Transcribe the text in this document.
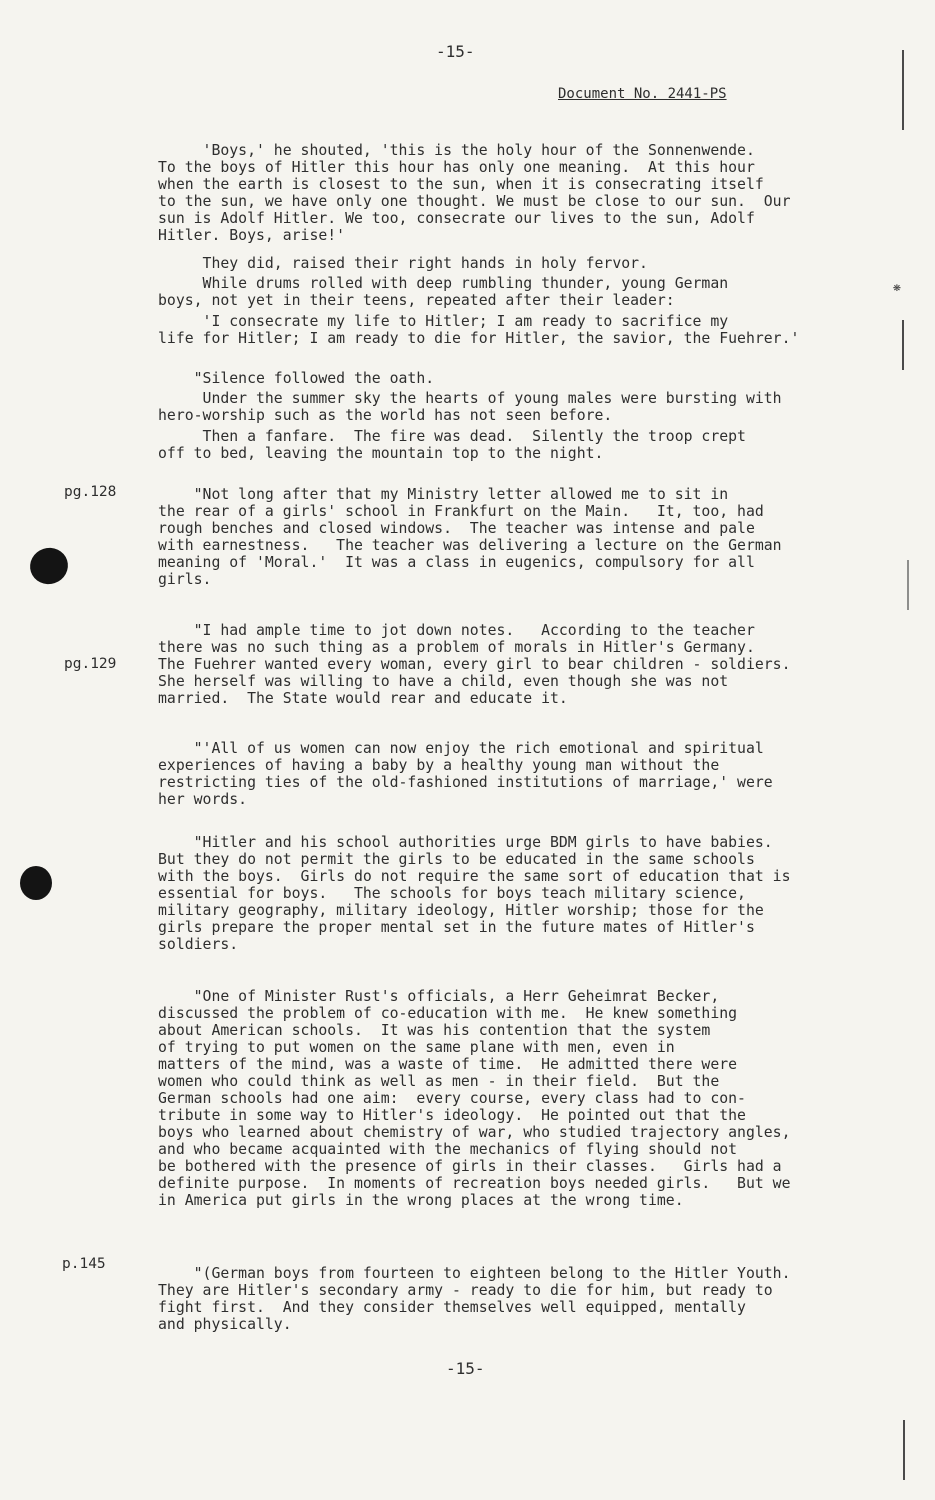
-15-
Document No. 2441-PS
'Boys,' he shouted, 'this is the holy hour of the Sonnenwende.
To the boys of Hitler this hour has only one meaning.  At this hour
when the earth is closest to the sun, when it is consecrating itself
to the sun, we have only one thought. We must be close to our sun.  Our
sun is Adolf Hitler. We too, consecrate our lives to the sun, Adolf
Hitler. Boys, arise!'
They did, raised their right hands in holy fervor.
While drums rolled with deep rumbling thunder, young German
boys, not yet in their teens, repeated after their leader:
'I consecrate my life to Hitler; I am ready to sacrifice my
life for Hitler; I am ready to die for Hitler, the savior, the Fuehrer.'
"Silence followed the oath.
Under the summer sky the hearts of young males were bursting with
hero-worship such as the world has not seen before.
Then a fanfare.  The fire was dead.  Silently the troop crept
off to bed, leaving the mountain top to the night.
pg.128	"Not long after that my Ministry letter allowed me to sit in
the rear of a girls' school in Frankfurt on the Main.   It, too, had
rough benches and closed windows.  The teacher was intense and pale
with earnestness.   The teacher was delivering a lecture on the German
meaning of 'Moral.'  It was a class in eugenics, compulsory for all
girls.
pg.129
"I had ample time to jot down notes.   According to the teacher
there was no such thing as a problem of morals in Hitler's Germany.
The Fuehrer wanted every woman, every girl to bear children - soldiers.
She herself was willing to have a child, even though she was not
married.  The State would rear and educate it.
"'All of us women can now enjoy the rich emotional and spiritual
experiences of having a baby by a healthy young man without the
restricting ties of the old-fashioned institutions of marriage,' were
her words.
"Hitler and his school authorities urge BDM girls to have babies.
But they do not permit the girls to be educated in the same schools
with the boys.  Girls do not require the same sort of education that is
essential for boys.   The schools for boys teach military science,
military geography, military ideology, Hitler worship; those for the
girls prepare the proper mental set in the future mates of Hitler's
soldiers.
"One of Minister Rust's officials, a Herr Geheimrat Becker,
discussed the problem of co-education with me.  He knew something
about American schools.  It was his contention that the system
of trying to put women on the same plane with men, even in
matters of the mind, was a waste of time.  He admitted there were
women who could think as well as men - in their field.  But the
German schools had one aim:  every course, every class had to con-
tribute in some way to Hitler's ideology.  He pointed out that the
boys who learned about chemistry of war, who studied trajectory angles,
and who became acquainted with the mechanics of flying should not
be bothered with the presence of girls in their classes.   Girls had a
definite purpose.  In moments of recreation boys needed girls.   But we
in America put girls in the wrong places at the wrong time.
p.145
"(German boys from fourteen to eighteen belong to the Hitler Youth.
They are Hitler's secondary army - ready to die for him, but ready to
fight first.  And they consider themselves well equipped, mentally
and physically.
-15-
❋
